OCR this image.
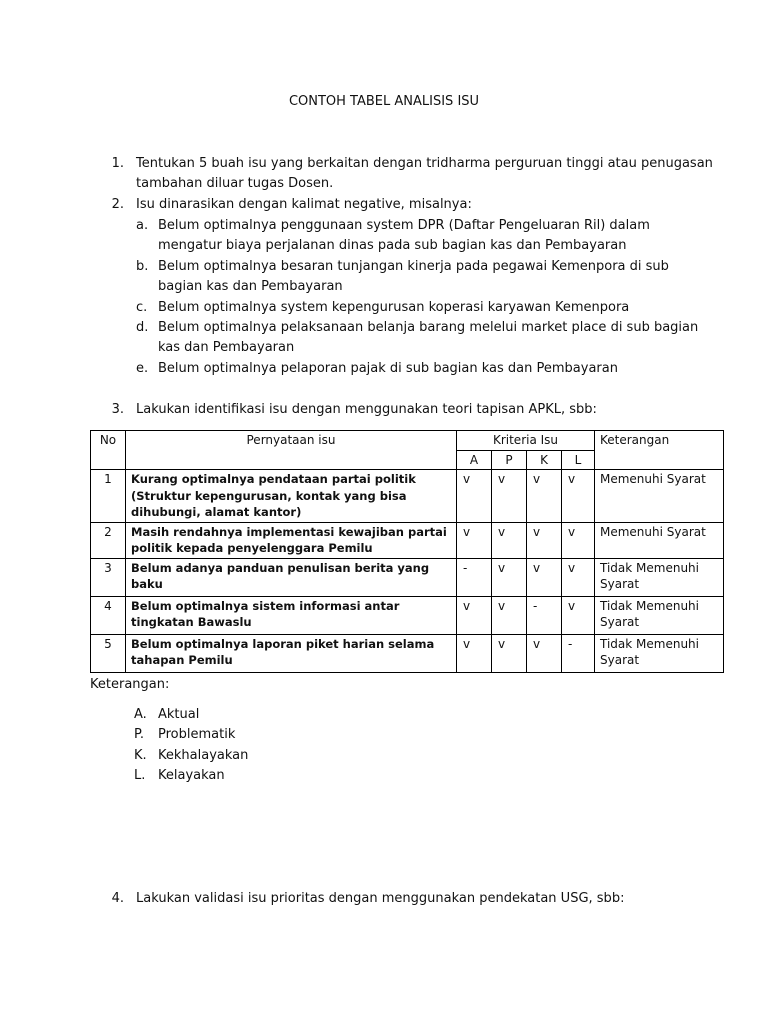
CONTOH TABEL ANALISIS ISU
1. Tentukan 5 buah isu yang berkaitan dengan tridharma perguruan tinggi atau penugasan
tambahan diluar tugas Dosen.
2. Isu dinarasikan dengan kalimat negative, misalnya:
a. Belum optimalnya penggunaan system DPR (Daftar Pengeluaran Ril) dalam
mengatur biaya perjalanan dinas pada sub bagian kas dan Pembayaran
b. Belum optimalnya besaran tunjangan kinerja pada pegawai Kemenpora di sub
bagian kas dan Pembayaran
c. Belum optimalnya system kepengurusan koperasi karyawan Kemenpora
d. Belum optimalnya pelaksanaan belanja barang melelui market place di sub bagian
kas dan Pembayaran
e. Belum optimalnya pelaporan pajak di sub bagian kas dan Pembayaran
3. Lakukan identifikasi isu dengan menggunakan teori tapisan APKL, sbb:
No	Pernyataan isu	Kriteria Isu				Keterangan
		A	P	K	L	
1	Kurang optimalnya pendataan partai politik (Struktur kepengurusan, kontak yang bisa dihubungi, alamat kantor)	v	v	v	v	Memenuhi Syarat
2	Masih rendahnya implementasi kewajiban partai politik kepada penyelenggara Pemilu	v	v	v	v	Memenuhi Syarat
3	Belum adanya panduan penulisan berita yang baku	-	v	v	v	Tidak Memenuhi Syarat
4	Belum optimalnya sistem informasi antar tingkatan Bawaslu	v	v	-	v	Tidak Memenuhi Syarat
5	Belum optimalnya laporan piket harian selama tahapan Pemilu	v	v	v	-	Tidak Memenuhi Syarat
Keterangan:
A. Aktual
P. Problematik
K. Kekhalayakan
L. Kelayakan
4. Lakukan validasi isu prioritas dengan menggunakan pendekatan USG, sbb:
